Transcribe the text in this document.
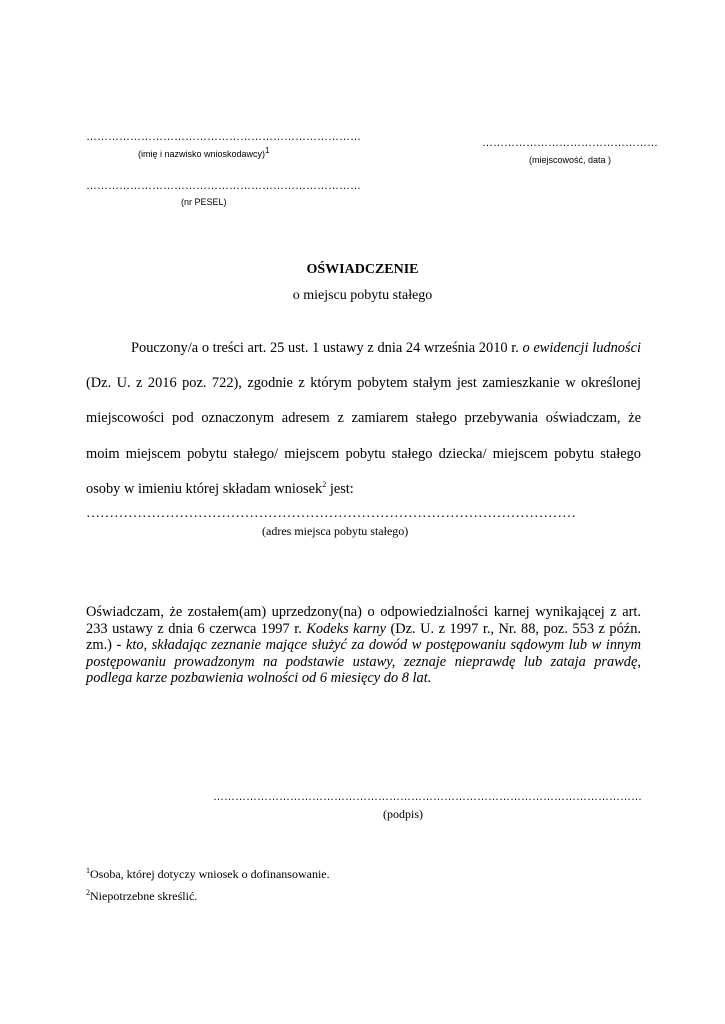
…………………………………………………………………
(imię i nazwisko wnioskodawcy)$^1$
…………………………………………
(miejscowość, data )
…………………………………………………………………
(nr PESEL)
OŚWIADCZENIE
o miejscu pobytu stałego
Pouczony/a o treści art. 25 ust. 1 ustawy z dnia 24 września 2010 r. o ewidencji ludności (Dz. U. z 2016 poz. 722), zgodnie z którym pobytem stałym jest zamieszkanie w określonej miejscowości pod oznaczonym adresem z zamiarem stałego przebywania oświadczam, że moim miejscem pobytu stałego/ miejscem pobytu stałego dziecka/ miejscem pobytu stałego osoby w imieniu której składam wniosek$^2$ jest:
……………………………………………………………………………………………
(adres miejsca pobytu stałego)
Oświadczam, że zostałem(am) uprzedzony(na) o odpowiedzialności karnej wynikającej z art. 233 ustawy z dnia 6 czerwca 1997 r. Kodeks karny (Dz. U. z 1997 r., Nr. 88, poz. 553 z późn. zm.) - kto, składając zeznanie mające służyć za dowód w postępowaniu sądowym lub w innym postępowaniu prowadzonym na podstawie ustawy, zeznaje nieprawdę lub zataja prawdę, podlega karze pozbawienia wolności od 6 miesięcy do 8 lat.
………………………………………………………………………………………………………
(podpis)
$^1$Osoba, której dotyczy wniosek o dofinansowanie.
$^2$Niepotrzebne skreślić.
